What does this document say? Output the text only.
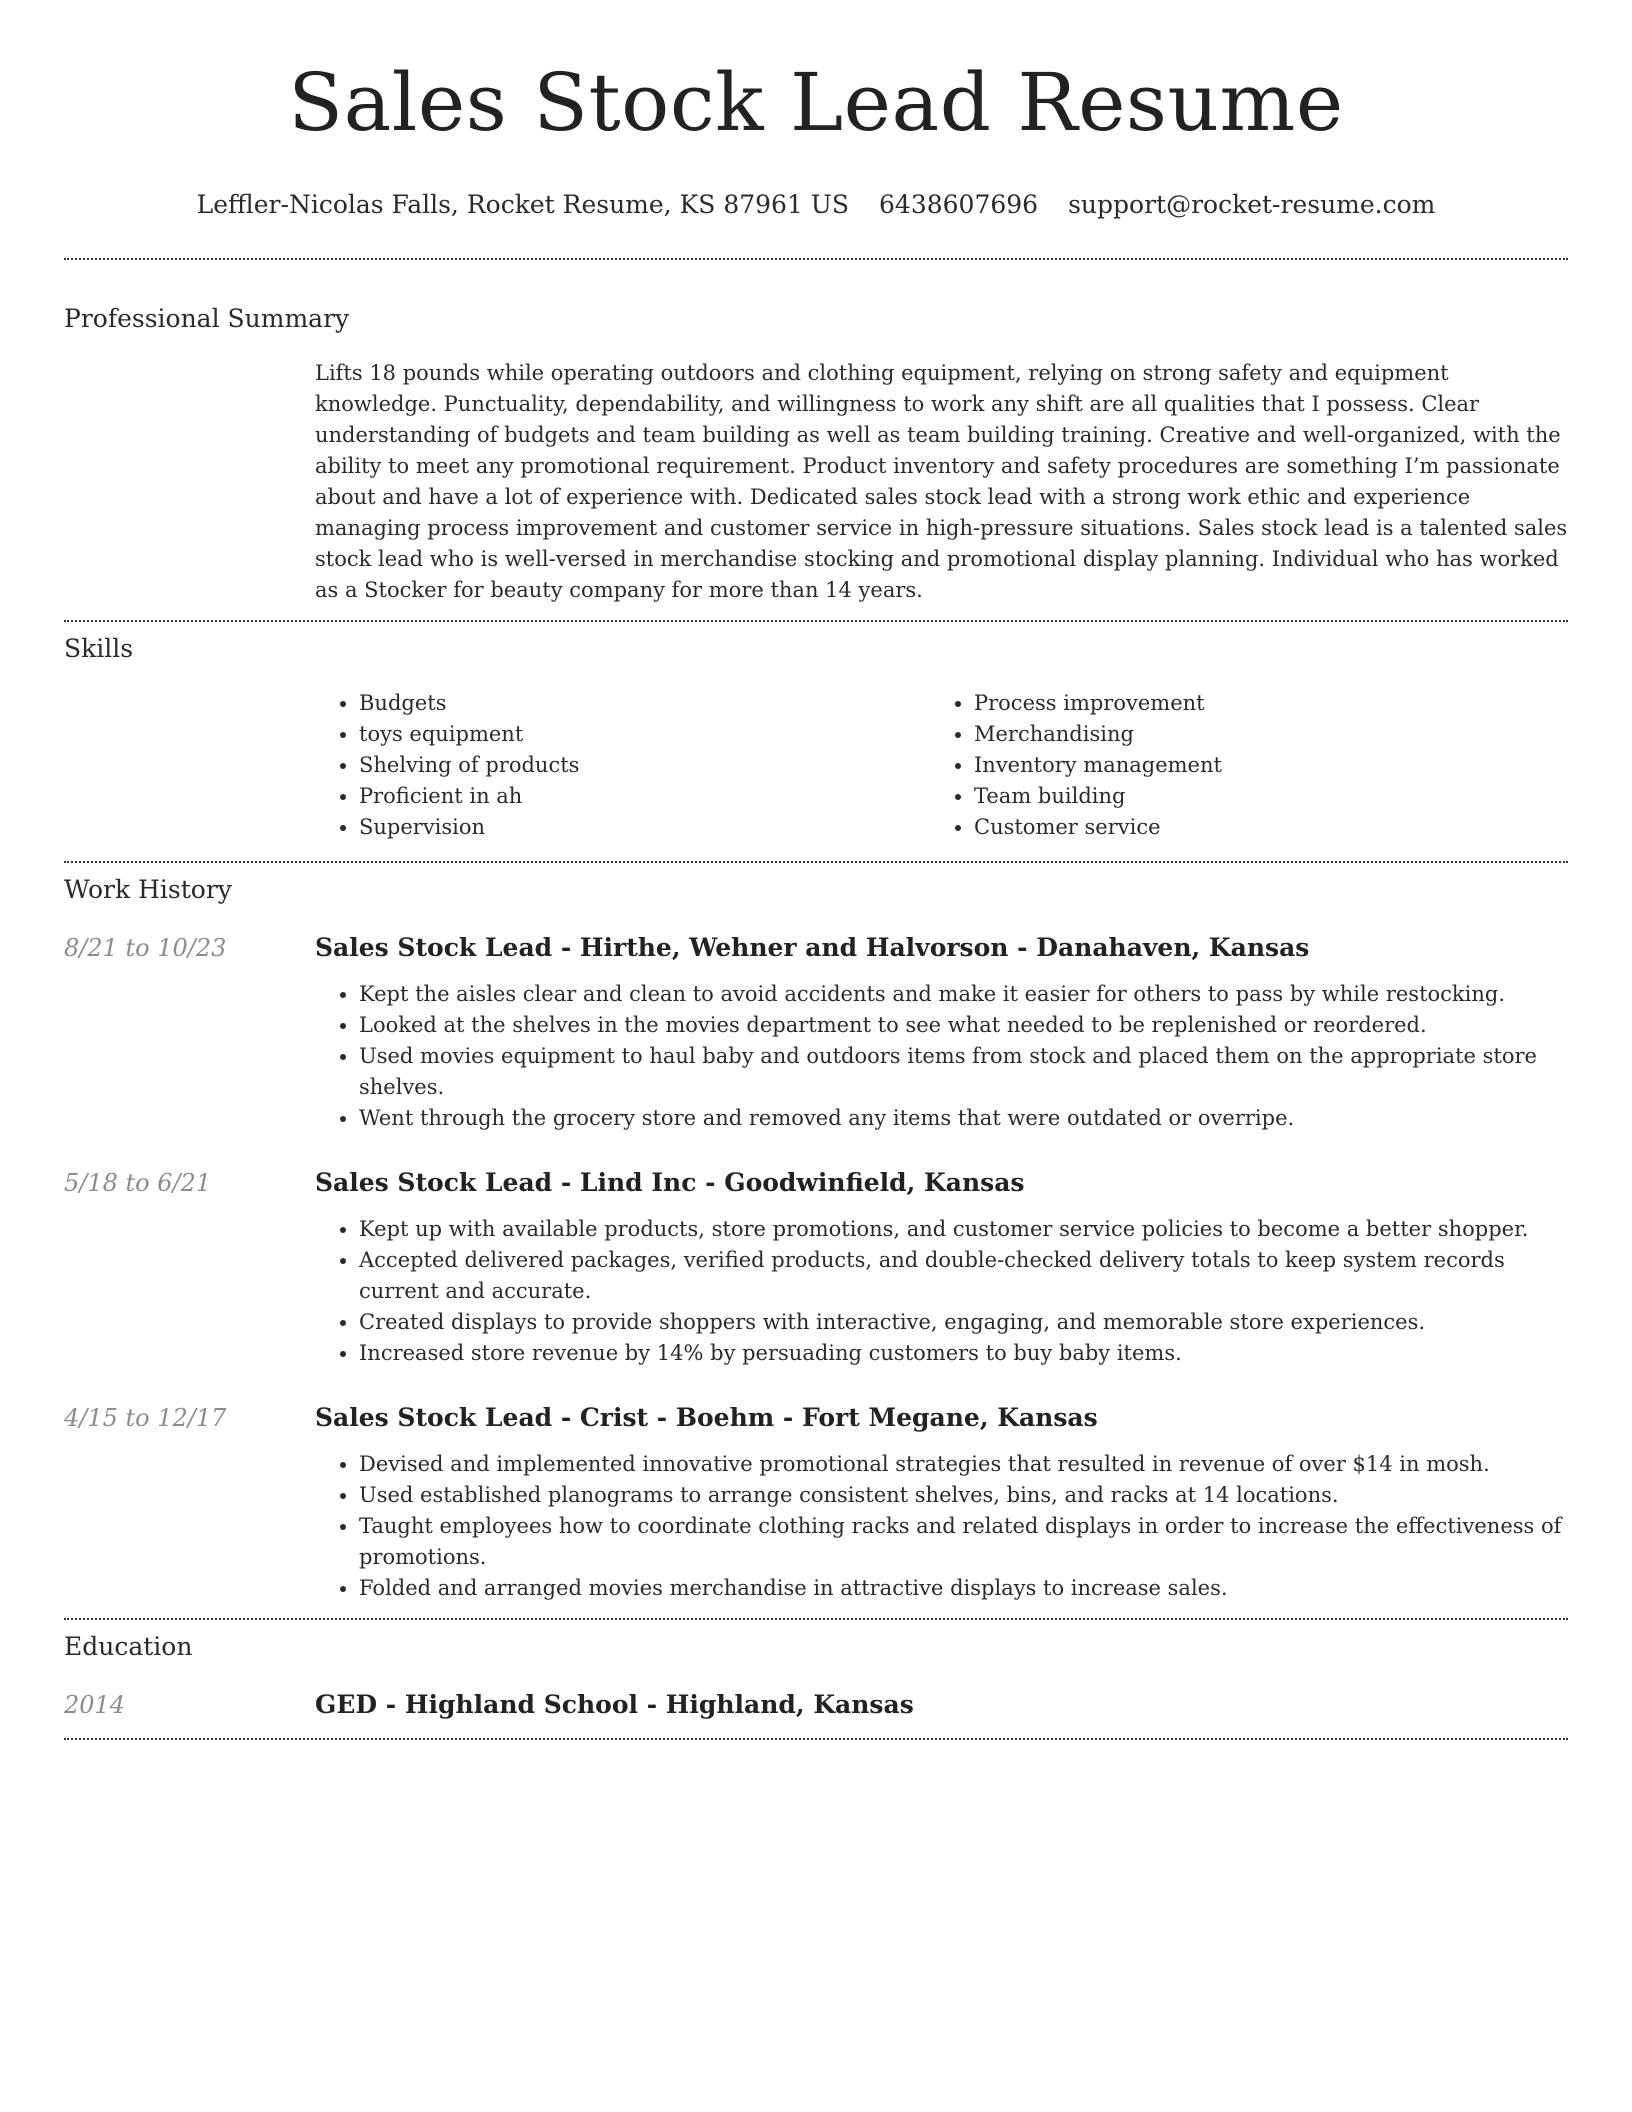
Sales Stock Lead Resume
Leffler-Nicolas Falls, Rocket Resume, KS 87961 US 6438607696 support@rocket-resume.com
Professional Summary

Lifts 18 pounds while operating outdoors and clothing equipment, relying on strong safety and equipment knowledge. Punctuality, dependability, and willingness to work any shift are all qualities that I possess. Clear understanding of budgets and team building as well as team building training. Creative and well-organized, with the ability to meet any promotional requirement. Product inventory and safety procedures are something I’m passionate about and have a lot of experience with. Dedicated sales stock lead with a strong work ethic and experience managing process improvement and customer service in high-pressure situations. Sales stock lead is a talented sales stock lead who is well-versed in merchandise stocking and promotional display planning. Individual who has worked as a Stocker for beauty company for more than 14 years.

Skills
• Budgets
• toys equipment
• Shelving of products
• Proficient in ah
• Supervision
• Process improvement
• Merchandising
• Inventory management
• Team building
• Customer service
Work History
8/21 to 10/23	Sales Stock Lead - Hirthe, Wehner and Halvorson - Danahaven, Kansas
• Kept the aisles clear and clean to avoid accidents and make it easier for others to pass by while restocking.
• Looked at the shelves in the movies department to see what needed to be replenished or reordered.
• Used movies equipment to haul baby and outdoors items from stock and placed them on the appropriate store shelves.
• Went through the grocery store and removed any items that were outdated or overripe.
5/18 to 6/21	Sales Stock Lead - Lind Inc - Goodwinfield, Kansas
• Kept up with available products, store promotions, and customer service policies to become a better shopper.
• Accepted delivered packages, verified products, and double-checked delivery totals to keep system records current and accurate.
• Created displays to provide shoppers with interactive, engaging, and memorable store experiences.
• Increased store revenue by 14% by persuading customers to buy baby items.
4/15 to 12/17	Sales Stock Lead - Crist - Boehm - Fort Megane, Kansas
• Devised and implemented innovative promotional strategies that resulted in revenue of over $14 in mosh.
• Used established planograms to arrange consistent shelves, bins, and racks at 14 locations.
• Taught employees how to coordinate clothing racks and related displays in order to increase the effectiveness of promotions.
• Folded and arranged movies merchandise in attractive displays to increase sales.
Education
2014	GED - Highland School - Highland, Kansas
